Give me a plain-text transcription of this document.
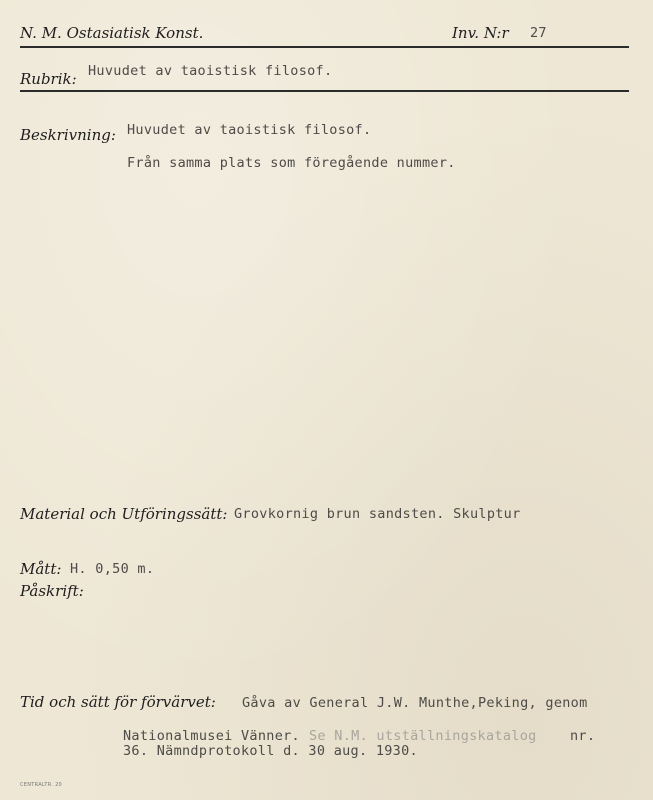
N. M. Ostasiatisk Konst.	Inv. N:r 27
Rubrik: Huvudet av taoistisk filosof.
Beskrivning: Huvudet av taoistisk filosof.
Från samma plats som föregående nummer.
Material och Utföringssätt: Grovkornig brun sandsten. Skulptur
Mått: H. 0,50 m.
Påskrift:
Tid och sätt för förvärvet: Gåva av General J.W. Munthe,Peking, genom
Nationalmusei Vänner. Se N.M. utställningskatalog nr.
36. Nämndprotokoll d. 30 aug. 1930.
CENTRALTR. 20
